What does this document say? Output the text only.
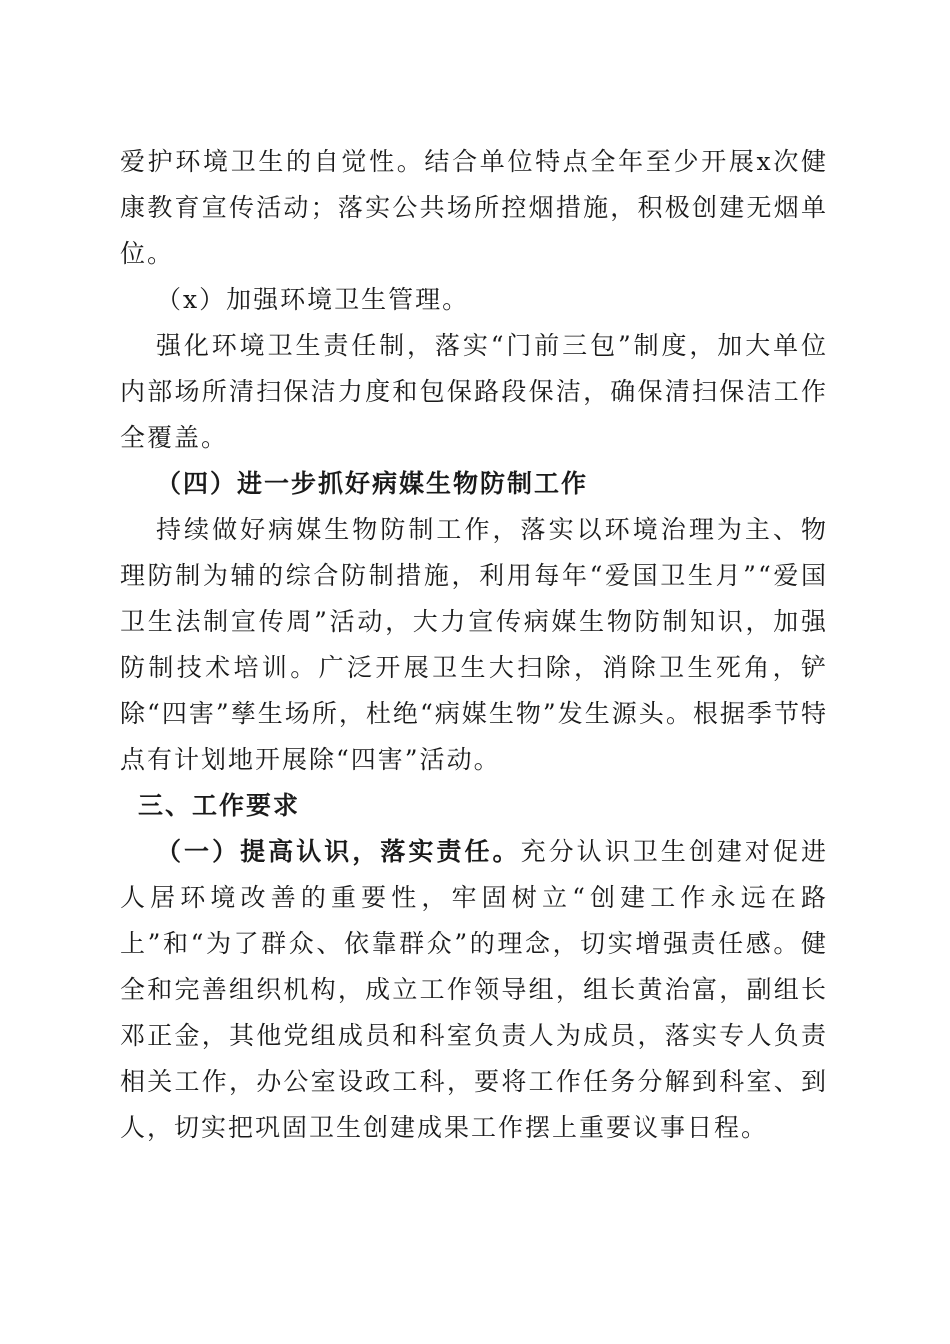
爱护环境卫生的自觉性。结合单位特点全年至少开展x次健康教育宣传活动；落实公共场所控烟措施，积极创建无烟单位。

（x）加强环境卫生管理。

强化环境卫生责任制，落实“门前三包”制度，加大单位内部场所清扫保洁力度和包保路段保洁，确保清扫保洁工作全覆盖。

（四）进一步抓好病媒生物防制工作

持续做好病媒生物防制工作，落实以环境治理为主、物理防制为辅的综合防制措施，利用每年“爱国卫生月”“爱国卫生法制宣传周”活动，大力宣传病媒生物防制知识，加强防制技术培训。广泛开展卫生大扫除，消除卫生死角，铲除“四害”孳生场所，杜绝“病媒生物”发生源头。根据季节特点有计划地开展除“四害”活动。

三、工作要求

（一）提高认识，落实责任。充分认识卫生创建对促进人居环境改善的重要性，牢固树立“创建工作永远在路上”和“为了群众、依靠群众”的理念，切实增强责任感。健全和完善组织机构，成立工作领导组，组长黄治富，副组长邓正金，其他党组成员和科室负责人为成员，落实专人负责相关工作，办公室设政工科，要将工作任务分解到科室、到人，切实把巩固卫生创建成果工作摆上重要议事日程。
